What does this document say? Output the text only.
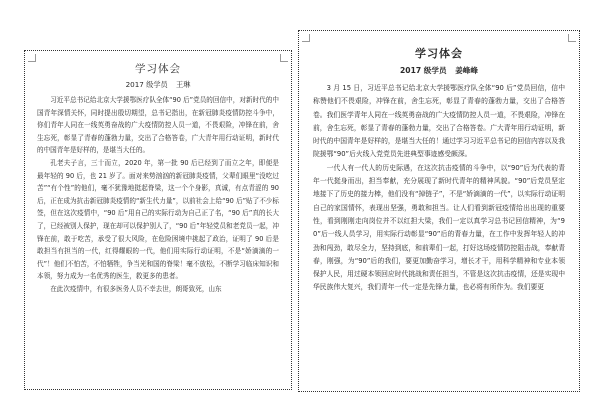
学习体会
2017 级学员 王琳

习近平总书记给北京大学援鄂医疗队全体“90 后”党员的回信中，对新时代的中国青年深情关怀，同时提出殷切期望，总书记指出，在新冠肺炎疫情防控斗争中，你们青年人同在一线英勇奋战的广大疫情防控人员一道，不畏艰险，冲锋在前，舍生忘死，彰显了青春的蓬勃力量，交出了合格答卷，广大青年用行动证明，新时代的中国青年是好样的，是堪当大任的。

孔老夫子言，三十而立，2020 年，第一批 90 后已经到了而立之年，即便是最年轻的 90 后，也 21 岁了。面对来势汹汹的新冠肺炎疫情，父辈们眼里“没吃过苦”“有个性”的他们，毫不犹豫地挺起脊梁，这一个个身影，真诚，有点青涩的 90 后，正在成为抗击新冠肺炎疫情的“新生代力量”，以前社会上给“90 后”贴了不少标签，但在这次疫情中，“90 后”用自己的实际行动为自己正了名，“90 后”真的长大了，已经被别人保护，现在却可以保护别人了，“90 后”年轻党员和老党员一起，冲锋在前，敢于吃苦，承受了很大风险，在危险困境中挑起了政治，证明了 90 后是敢担当有担当的一代，红得耀眼的一代，他们用实际行动证明，不是“娇滴滴的一代”！他们不怕苦，不怕牺牲，争当光和国的脊梁！毫不放松，不断学习临床知识和本领，努力成为一名优秀的医生，救更多的患者。

在此次疫情中，有很多医务人员不幸去世，朗哥致死，山东

学习体会
2017 级学员 姜峰峰

3 月 15 日，习近平总书记给北京大学援鄂医疗队全体“90 后”党员回信，信中称赞他们不畏艰险，冲锋在前，舍生忘死，彰显了青春的蓬勃力量，交出了合格答卷。我们医学青年人同在一线英勇奋战的广大疫情防控人员一道，不畏艰险，冲锋在前，舍生忘死，彰显了青春的蓬勃力量，交出了合格答卷。广大青年用行动证明，新时代的中国青年是好样的，是堪当大任的！通过学习习近平总书记的回信内容以及我院援鄂“90”后火线入党党员先进典型事迹感受颇深。

一代人有一代人的历史际遇，在这次抗击疫情的斗争中，以“90”后为代表的青年一代挺身而出，担当奉献，充分展现了新时代青年的精神风貌。“90”后党员坚定地接下了历史的接力棒，他们没有“掉链子”，不是“娇滴滴的一代”，以实际行动证明自己的家国情怀，表现出坚强，勇敢和担当。让人们看到新冠疫情给出出现的重要性，看到刚刚走向岗位并不以红担大梁，我们一定以真学习总书记回信精神，为“90”后一线人员学习，用实际行动彰显“90”后的青春力量，在工作中发挥年轻人的冲劲和闯劲，敢尽全力，坚持到底，和前辈们一起，打好这场疫情防控阻击战，奉献青春，刚强，为“90”后的我们，要更加勤奋学习，增长才干，用科学精神和专业本领保护人民，用过硬本领回应时代挑战和责任担当，不管是这次抗击疫情，还是实现中华民族伟大复兴，我们青年一代一定是先锋力量，也必将有所作为。我们要更
